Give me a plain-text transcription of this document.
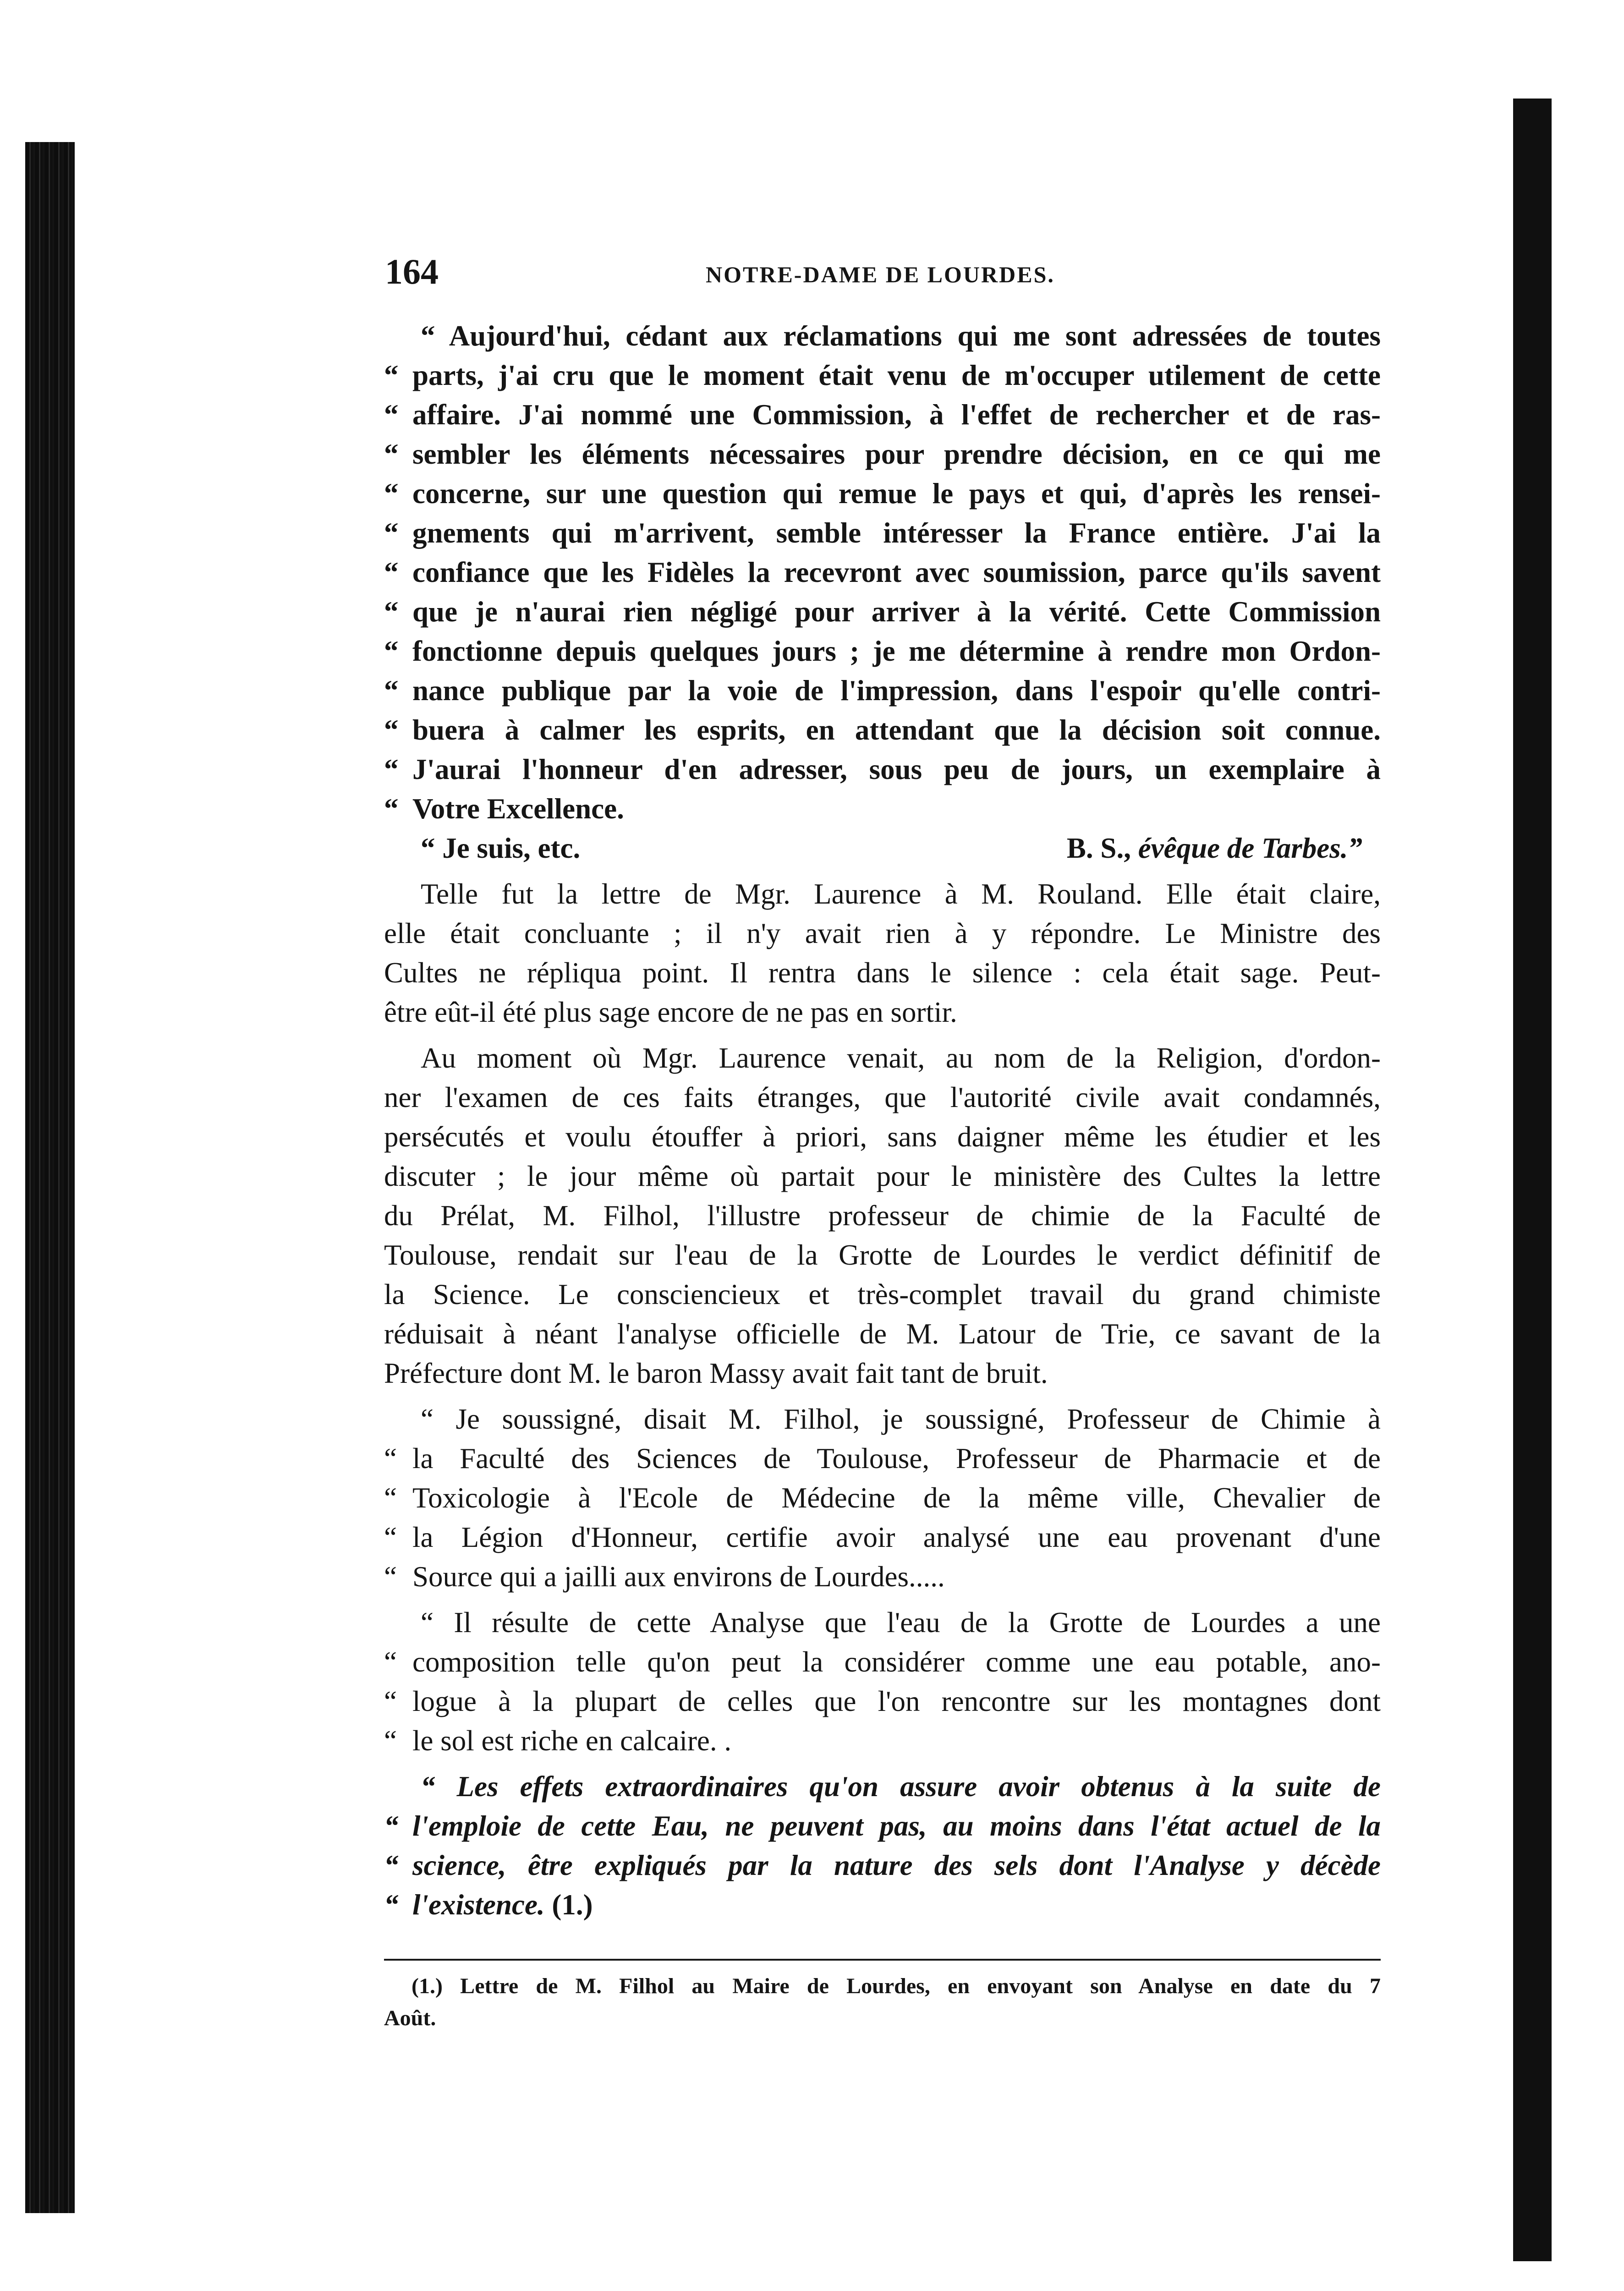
164	NOTRE-DAME DE LOURDES.
“ Aujourd'hui, cédant aux réclamations qui me sont adressées de toutes
“ parts, j'ai cru que le moment était venu de m'occuper utilement de cette
“ affaire. J'ai nommé une Commission, à l'effet de rechercher et de ras-
“ sembler les éléments nécessaires pour prendre décision, en ce qui me
“ concerne, sur une question qui remue le pays et qui, d'après les rensei-
“ gnements qui m'arrivent, semble intéresser la France entière. J'ai la
“ confiance que les Fidèles la recevront avec soumission, parce qu'ils savent
“ que je n'aurai rien négligé pour arriver à la vérité. Cette Commission
“ fonctionne depuis quelques jours ; je me détermine à rendre mon Ordon-
“ nance publique par la voie de l'impression, dans l'espoir qu'elle contri-
“ buera à calmer les esprits, en attendant que la décision soit connue.
“ J'aurai l'honneur d'en adresser, sous peu de jours, un exemplaire à
“ Votre Excellence.
“ Je suis, etc.	B. S., évêque de Tarbes.”
Telle fut la lettre de Mgr. Laurence à M. Rouland. Elle était claire,
elle était concluante ; il n'y avait rien à y répondre. Le Ministre des
Cultes ne répliqua point. Il rentra dans le silence : cela était sage. Peut-
être eût-il été plus sage encore de ne pas en sortir.
Au moment où Mgr. Laurence venait, au nom de la Religion, d'ordon-
ner l'examen de ces faits étranges, que l'autorité civile avait condamnés,
persécutés et voulu étouffer à priori, sans daigner même les étudier et les
discuter ; le jour même où partait pour le ministère des Cultes la lettre
du Prélat, M. Filhol, l'illustre professeur de chimie de la Faculté de
Toulouse, rendait sur l'eau de la Grotte de Lourdes le verdict définitif de
la Science. Le consciencieux et très-complet travail du grand chimiste
réduisait à néant l'analyse officielle de M. Latour de Trie, ce savant de la
Préfecture dont M. le baron Massy avait fait tant de bruit.
“ Je soussigné, disait M. Filhol, je soussigné, Professeur de Chimie à
“ la Faculté des Sciences de Toulouse, Professeur de Pharmacie et de
“ Toxicologie à l'Ecole de Médecine de la même ville, Chevalier de
“ la Légion d'Honneur, certifie avoir analysé une eau provenant d'une
“ Source qui a jailli aux environs de Lourdes.....
“ Il résulte de cette Analyse que l'eau de la Grotte de Lourdes a une
“ composition telle qu'on peut la considérer comme une eau potable, ano-
“ logue à la plupart de celles que l'on rencontre sur les montagnes dont
“ le sol est riche en calcaire. .
“ Les effets extraordinaires qu'on assure avoir obtenus à la suite de
“ l'emploie de cette Eau, ne peuvent pas, au moins dans l'état actuel de la
“ science, être expliqués par la nature des sels dont l'Analyse y décède
“ l'existence. (1.)
(1.) Lettre de M. Filhol au Maire de Lourdes, en envoyant son Analyse en date du 7
Août.
